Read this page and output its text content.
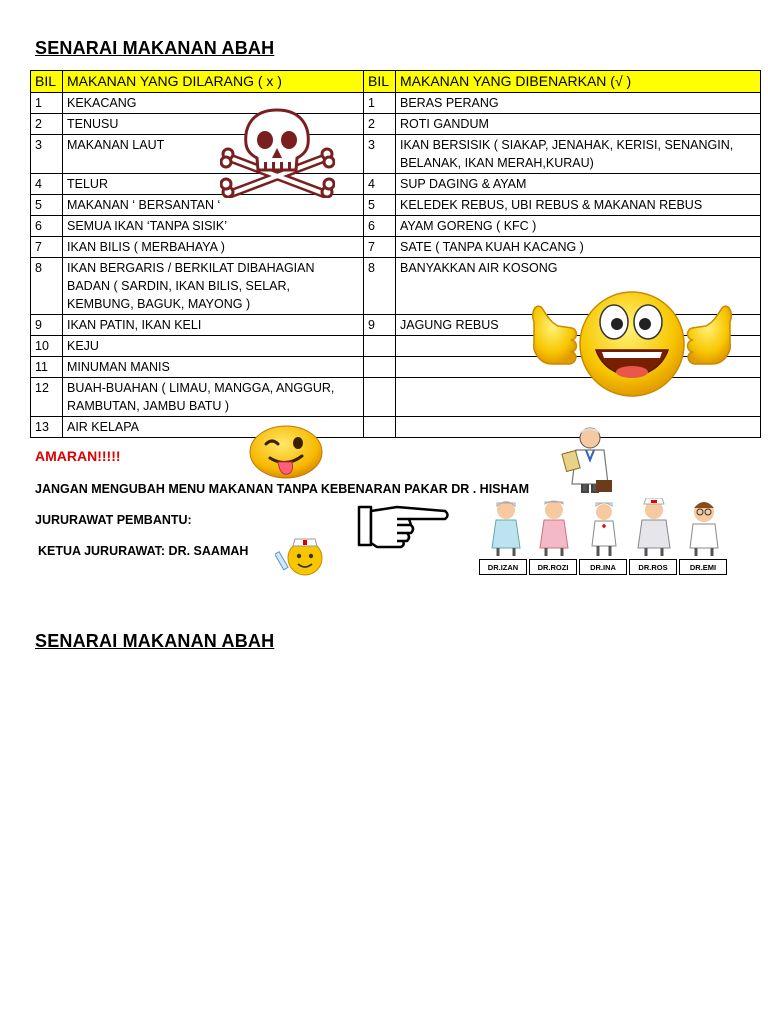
SENARAI MAKANAN ABAH
BIL	MAKANAN YANG DILARANG ( x )	BIL	MAKANAN YANG DIBENARKAN (√ )
1	KEKACANG	1	BERAS PERANG
2	TENUSU	2	ROTI GANDUM
3	MAKANAN LAUT	3	IKAN BERSISIK ( SIAKAP, JENAHAK, KERISI, SENANGIN, BELANAK, IKAN MERAH,KURAU)
4	TELUR	4	SUP DAGING & AYAM
5	MAKANAN ‘ BERSANTAN ‘	5	KELEDEK REBUS, UBI REBUS & MAKANAN REBUS
6	SEMUA IKAN ‘TANPA SISIK’	6	AYAM GORENG ( KFC )
7	IKAN BILIS ( MERBAHAYA )	7	SATE ( TANPA KUAH KACANG )
8	IKAN BERGARIS / BERKILAT DIBAHAGIAN BADAN ( SARDIN, IKAN BILIS, SELAR, KEMBUNG, BAGUK, MAYONG )	8	BANYAKKAN AIR KOSONG
9	IKAN PATIN, IKAN KELI	9	JAGUNG REBUS
10	KEJU		
11	MINUMAN MANIS		
12	BUAH-BUAHAN ( LIMAU, MANGGA, ANGGUR, RAMBUTAN, JAMBU BATU )		
13	AIR KELAPA		
AMARAN!!!!!
JANGAN MENGUBAH MENU MAKANAN TANPA KEBENARAN PAKAR DR . HISHAM
JURURAWAT PEMBANTU:
KETUA JURURAWAT: DR. SAAMAH
DR.IZAN	DR.ROZI	DR.INA	DR.ROS	DR.EMI
SENARAI MAKANAN ABAH
